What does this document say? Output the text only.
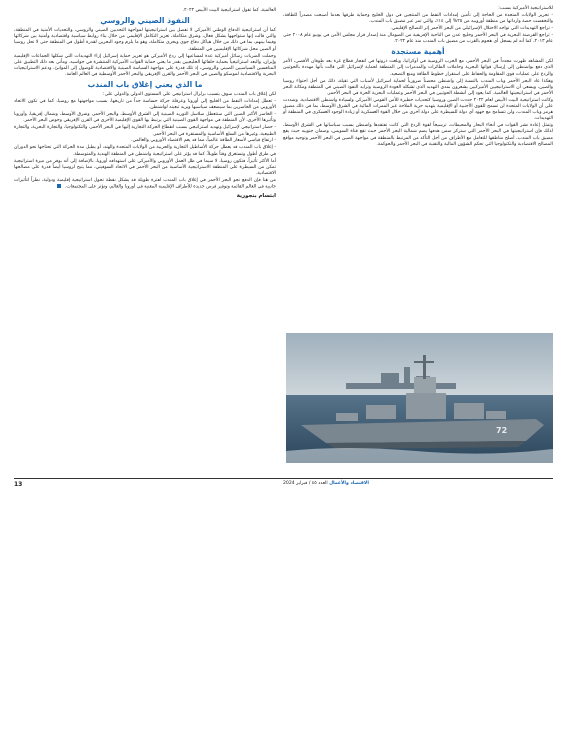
للاستراتيجية الأميركية بسبب:

- تحرير الولايات المتحدة من الحاجة إلى تأمين إمدادات النفط من المنتجين في دول الخليج وحماية طرقها بعدما أصبحت مصدراً للطاقة، والنخفضت حصة وارداتها من منطقة أوروبيه من ٢٥% إلى ١٤٪، والتي تمر عبر مضيق باب المندب.

- تراجع التهديدات التي تواجه الاحتلال الإسرائيلي من البحر الأحمر إثر التصالح الإقليمي.

- تراجع القرصنة البحرية في البحر الأحمر وخليج عدن من الناحية الإفريقية من الصومال منذ إصدار قرار مجلس الأمن في يونيو عام ٢٠٠٨ حتى عام ٢٠١٣، كما أنه لم يسجل أي هجوم بالقرب من مضيق باب المندب منذ عام ٢٠٢٢.

أهمية مستجدة

لكن المشاهد ظهرت مجدداً في البحر الأحمر، مع الحرب الروسية في أوكرانيا، وبلغت ذروتها في انفجار قطاع غزة بعد طوفان الأقصى، الأمر الذي دفع بواشنطن إلى إرسال قواتها البحرية وحاملات الطائرات والمدمرات إلى المنطقة لحماية لإسرائيل التي قالت بأنها مهددة بالحوثيين والردع على عمليات قوى المقاومة والحفاظ على استقرار خطوط الطاقة ومنع التصعيد.

وهكذا عاد البحر الأحمر وباب المندب بالنسبة إلى واشنطن محصناً ضرورياً لحماية اسرائيل لأسباب التي تقيلة، ذلك من أجل احتواء روسيا والصين، ويسعى أن الاستراتيجيين الأميركيين يشعرون بمدى التهديد الذي تشكله العودة الروسية وتزايد النفوذ الصيني في المنطقة ومكانة البحر الأحمر في استراتيجيتها العالمية. كما يعود إلى أنشطة الحوثيين في البحر الأحمر وعمليات البحرية الحرة في البحر الأحمر.

وكانت استراتيجية البيت الأبيض لعام ٢٠٢٢ حددت الصين وروسيا كتحديات خطيرة للأمن القومي الأميركي ولسيادة واشنطن الاقتصادية. وشددت على أن الولايات المتحدة لن تسمح للقوى الأجنبية أو الإقليمية بتهديد حرية الملاحة عبر الممرات المائية في الشرق الأوسط، بما في ذلك مضيق هرمز وباب المندب، ولن تتسامح مع جهود أي دولة للسيطرة على دولة أخرى من خلال القوة العسكرية أو زيادة الوجود العسكري في المنطقة أو التهديدات.

وتمثل إعادة نشر القوات في أنحاء البحار والمحيطات، ترسيخاً لقوة الردع التي كانت تفتقدها واشنطن بسبب سياساتها في الشرق الأوسط، لذلك فإن استراتيجيتها في البحر الأحمر التي ستركز ضمن هدفها يضم شمالية البحر الأحمر حيث تقع قناة السويس، وضمان جنوبيه حيث يقع مضيق باب المندب، أصلح مناطقها للتعامل مع الأطراف من أجل التأكد من المرتبط بالمنطقة في مواجهة الصين في البحر الأحمر وتوجيه مواقع المصالح الاقتصادية والتكنولوجيا التي تحكم الشؤون المالية والتقنية في البحر الأحمر والحوكمة.

72

العالمية، كما تقول استراتيجية البيت الأبيض ٢٠٢٢.

النفوذ الصيني والروسي

كما أن استراتيجية الدفاع الوطني الأميركي لا تفصل بين استراتيجيتها لمواجهة التحديين الصيني والروسي، والتحديات الأمنية في المنطقة، والتي قالت إنها ستواجهها بشكل فعال، وشرق متكاملة، تعزيز التكامل الإقليمي من خلال بناء روابط سياسية واقتصادية وأمنية بين شركائها وفيما بينهم، بما في ذلك من خلال هياكل دفاع جوي وبحري متكاملة، وهو ما يلزم وجود البحرين لقدرة أطول في المنطقة حتى لا تحل روسيا أو الصين محل شركائها الإقليميين في المنطقة.

وحملت الضربات رسائل أميركية عدة لمساعيها إلى ردع الأميركي هو تعزيز حماية إسرائيل إزاء التهديدات التي شكلها الجماعات الإقليمية وإيران، والبعد استراتيجياً بحماية حلفائها الخليجيين بقدر ما يعني حماية القوات الأميركية المنتشرة في جواسيه. ومأتى بعد ذلك التطبيق على المنافسين السياسيين الصيني والروسي، إذ تلك قدرة على مواجهة السياسة الصينية والاقتصادية للوصول إلى الموانئ، ودعم الاستراتيجيات البحرية والاقتصادية لموسكو والصين في البحر الأحمر والقرن الإفريقي والبحر الأحمر الأوسطية في العالم العامة.

ما الذي يعني إغلاق باب المندب

لكن إغلاق باب المندب سوف يتسبب بزلزال استراتيجي على المستوى الدولي والدولي على:

- تعطل إمدادات النفط من الخليج إلى أوروبا وعرقلة حركة حساسة جداً من تاريخها، بسبب مواجهتها مع روسيا، كما في تكون الاتحاد الأوروبي من الخاسرين بما سيضعف سياسيها ويزيد تبعيته لواشنطن.

- الخاسر الأكبر الصين التي ستتعطل سلاسل التوريد الصينية إلى الشرق الأوسط، والبحر الأحمر، وشرق الأوسط، وشمال إفريقيا، وأوروبا وتأثيرها الأخرى، لأن المنطقة في مواجهة القوى الصينية التي يرتبط بها القوى الإقليمية الأخرى في القرن الإفريقي وحوض البحر الأحمر.

- حصار استراتيجي لإسرائيل وتهديد استراتيجي بسبب انقطاع الحركة التجارية إليها في البحر الأحمر، والتكنولوجيا، والتجارة البحرية، والتجارة الطبيعية، وغيرها من السلع الأساسية والمستقرة في البحر الأحمر.

- ارتفاع قياسي لأسعار الطاقة عالمياً، مما قد يعم الاقتصاد الأوروبي والعالمي.

- إغلاق باب المندب قد يعطل حركة الأساطيل التجارية والحربية من الولايات المتحدة والهند، أو يطيل مدة الحركة التي تحتاجها نحو الدوران في طرق أطول وتستغرق وقتاً طويلاً، كما قد يؤثر على استراتيجية واشنطن في المنطقة الهندية والمتوسطة.

أما الأكثر تأثيراً، فتكون روسيا، لا سيما في ظل العمل الأوروبي والأميركي على استهدافه أوروبا، بالإضافة إلى أنه يوفر من ميزة استراتيجية تمكن من السيطرة على المنطقة الاستراتيجية الأساسية من البحر الأحمر في الاتحاد السوفيتي، مما يتيح لروسيا أيضاً قدرة على مصالحها الاقتصادية.

من هنا فإن الدفع نحو البحر الأحمر في إغلاق باب المندب لفترة طويلة قد يشكل نقطة تحول استراتيجية إقليمية ودولية، نظراً لتأثيرات جانبية في العالم القائمة وتوفير فرص جديدة للأطراف الإقليمية المعنية في أوروبا والعالم، وتؤثر على المجتمعات.

ابتسام بنجورية

13	الاقتصاد والأعمال العدد ٤٥ / فبراير 2024
